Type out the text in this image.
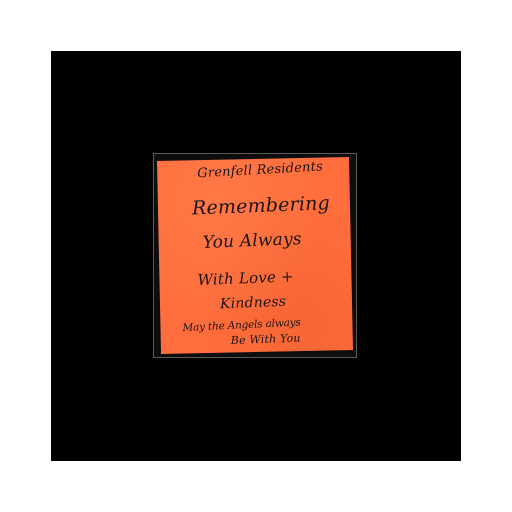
Grenfell Residents
Remembering
You Always
With Love +
Kindness
May the Angels always
Be With You
